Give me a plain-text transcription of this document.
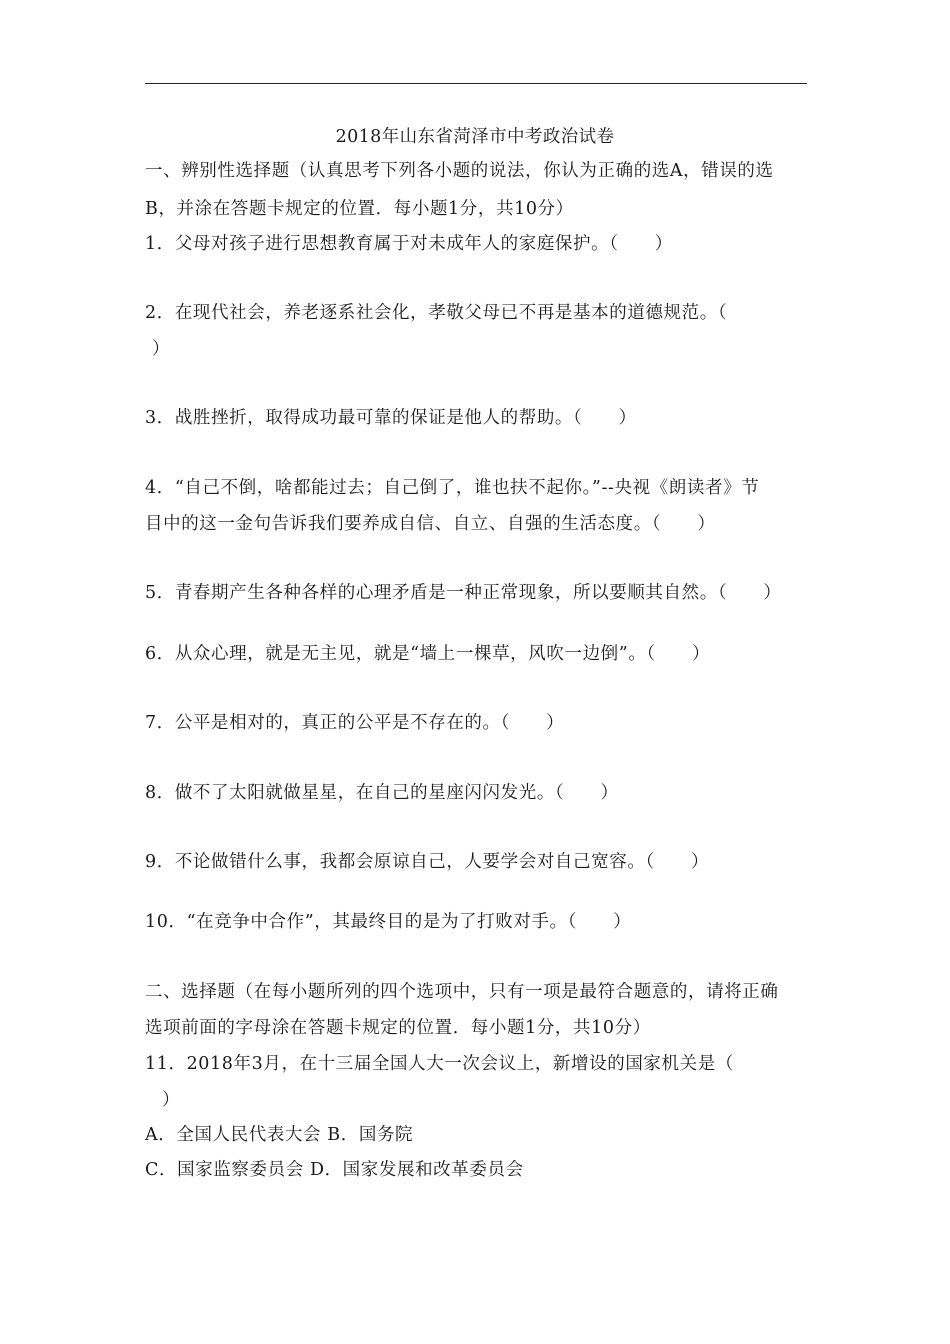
2018年山东省菏泽市中考政治试卷
一、辨别性选择题（认真思考下列各小题的说法，你认为正确的选A，错误的选
B，并涂在答题卡规定的位置．每小题1分，共10分）
1．父母对孩子进行思想教育属于对未成年人的家庭保护。（　　）
2．在现代社会，养老逐系社会化，孝敬父母已不再是基本的道德规范。（
）
3．战胜挫折，取得成功最可靠的保证是他人的帮助。（　　）
4．“自己不倒，啥都能过去；自己倒了，谁也扶不起你。”--央视《朗读者》节
目中的这一金句告诉我们要养成自信、自立、自强的生活态度。（　　）
5．青春期产生各种各样的心理矛盾是一种正常现象，所以要顺其自然。（　　）
6．从众心理，就是无主见，就是“墙上一棵草，风吹一边倒”。（　　）
7．公平是相对的，真正的公平是不存在的。（　　）
8．做不了太阳就做星星，在自己的星座闪闪发光。（　　）
9．不论做错什么事，我都会原谅自己，人要学会对自己宽容。（　　）
10．“在竞争中合作”，其最终目的是为了打败对手。（　　）
二、选择题（在每小题所列的四个选项中，只有一项是最符合题意的，请将正确
选项前面的字母涂在答题卡规定的位置．每小题1分，共10分）
11．2018年3月，在十三届全国人大一次会议上，新增设的国家机关是（
）
A．全国人民代表大会 B．国务院
C．国家监察委员会 D．国家发展和改革委员会
